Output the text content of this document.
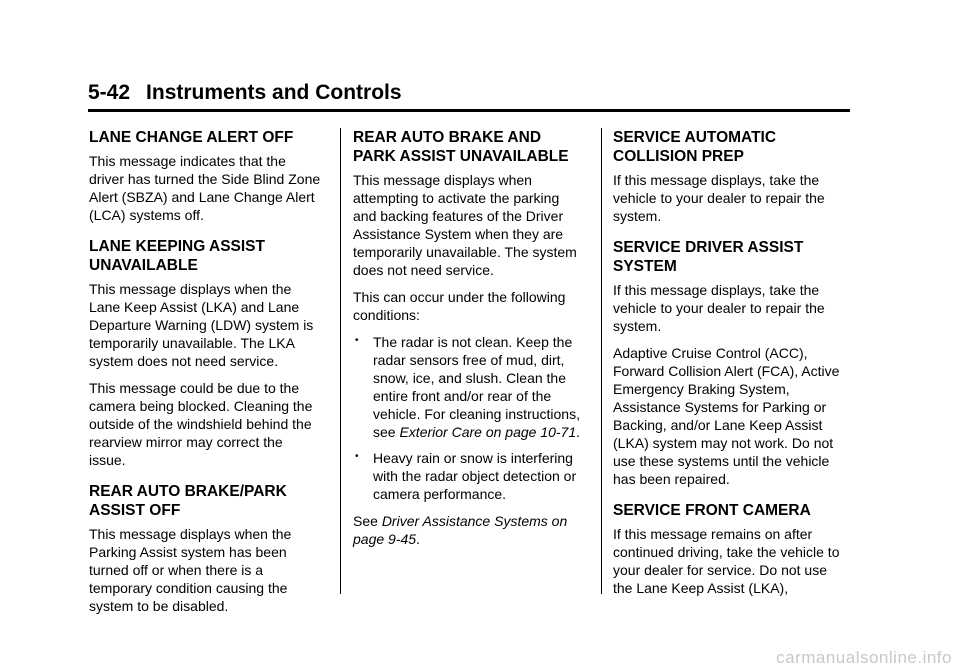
5-42 Instruments and Controls
LANE CHANGE ALERT OFF

This message indicates that the driver has turned the Side Blind Zone Alert (SBZA) and Lane Change Alert (LCA) systems off.

LANE KEEPING ASSIST UNAVAILABLE

This message displays when the Lane Keep Assist (LKA) and Lane Departure Warning (LDW) system is temporarily unavailable. The LKA system does not need service.

This message could be due to the camera being blocked. Cleaning the outside of the windshield behind the rearview mirror may correct the issue.

REAR AUTO BRAKE/PARK ASSIST OFF

This message displays when the Parking Assist system has been turned off or when there is a temporary condition causing the system to be disabled.

REAR AUTO BRAKE AND PARK ASSIST UNAVAILABLE

This message displays when attempting to activate the parking and backing features of the Driver Assistance System when they are temporarily unavailable. The system does not need service.

This can occur under the following conditions:

• The radar is not clean. Keep the radar sensors free of mud, dirt, snow, ice, and slush. Clean the entire front and/or rear of the vehicle. For cleaning instructions, see Exterior Care on page 10-71.
• Heavy rain or snow is interfering with the radar object detection or camera performance.

See Driver Assistance Systems on page 9-45.

SERVICE AUTOMATIC COLLISION PREP

If this message displays, take the vehicle to your dealer to repair the system.

SERVICE DRIVER ASSIST SYSTEM

If this message displays, take the vehicle to your dealer to repair the system.

Adaptive Cruise Control (ACC), Forward Collision Alert (FCA), Active Emergency Braking System, Assistance Systems for Parking or Backing, and/or Lane Keep Assist (LKA) system may not work. Do not use these systems until the vehicle has been repaired.

SERVICE FRONT CAMERA

If this message remains on after continued driving, take the vehicle to your dealer for service. Do not use the Lane Keep Assist (LKA),

carmanualsonline.info
